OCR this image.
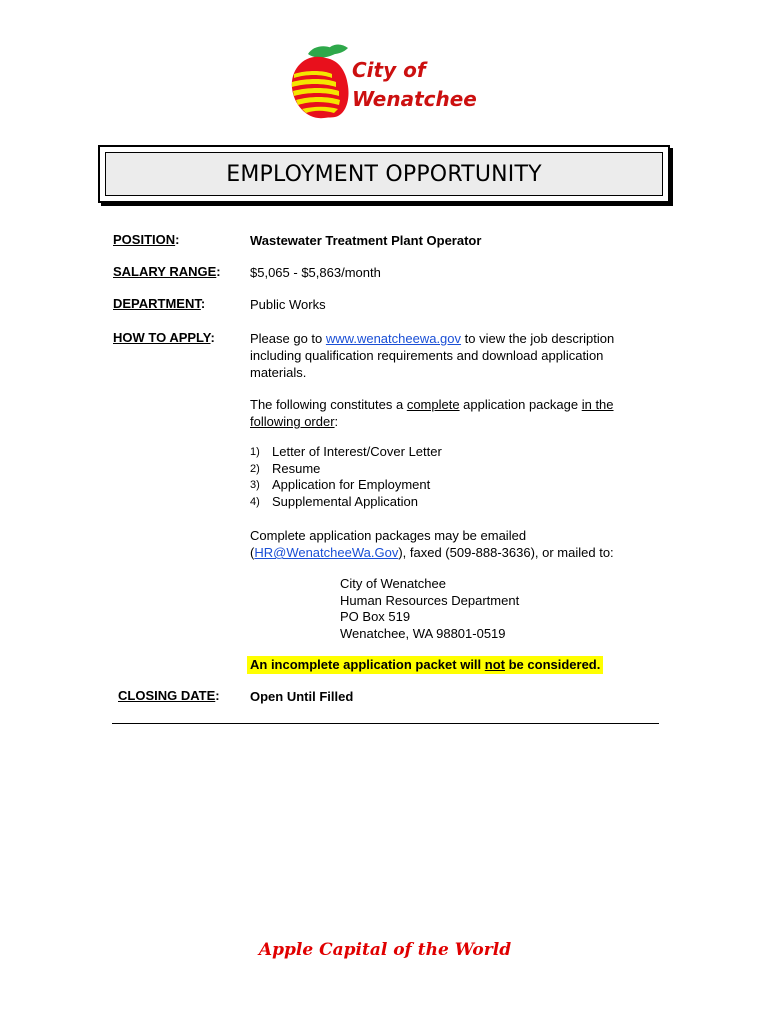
City of
Wenatchee
EMPLOYMENT OPPORTUNITY
POSITION:	Wastewater Treatment Plant Operator
SALARY RANGE: $5,065 - $5,863/month
DEPARTMENT:	Public Works
HOW TO APPLY:	Please go to www.wenatcheewa.gov to view the job description including qualification requirements and download application materials.
The following constitutes a complete application package in the following order:
1) Letter of Interest/Cover Letter
2) Resume
3) Application for Employment
4) Supplemental Application
Complete application packages may be emailed (HR@WenatcheeWa.Gov), faxed (509-888-3636), or mailed to:
City of Wenatchee
Human Resources Department
PO Box 519
Wenatchee, WA 98801-0519
An incomplete application packet will not be considered.
CLOSING DATE: Open Until Filled
Apple Capital of the World
